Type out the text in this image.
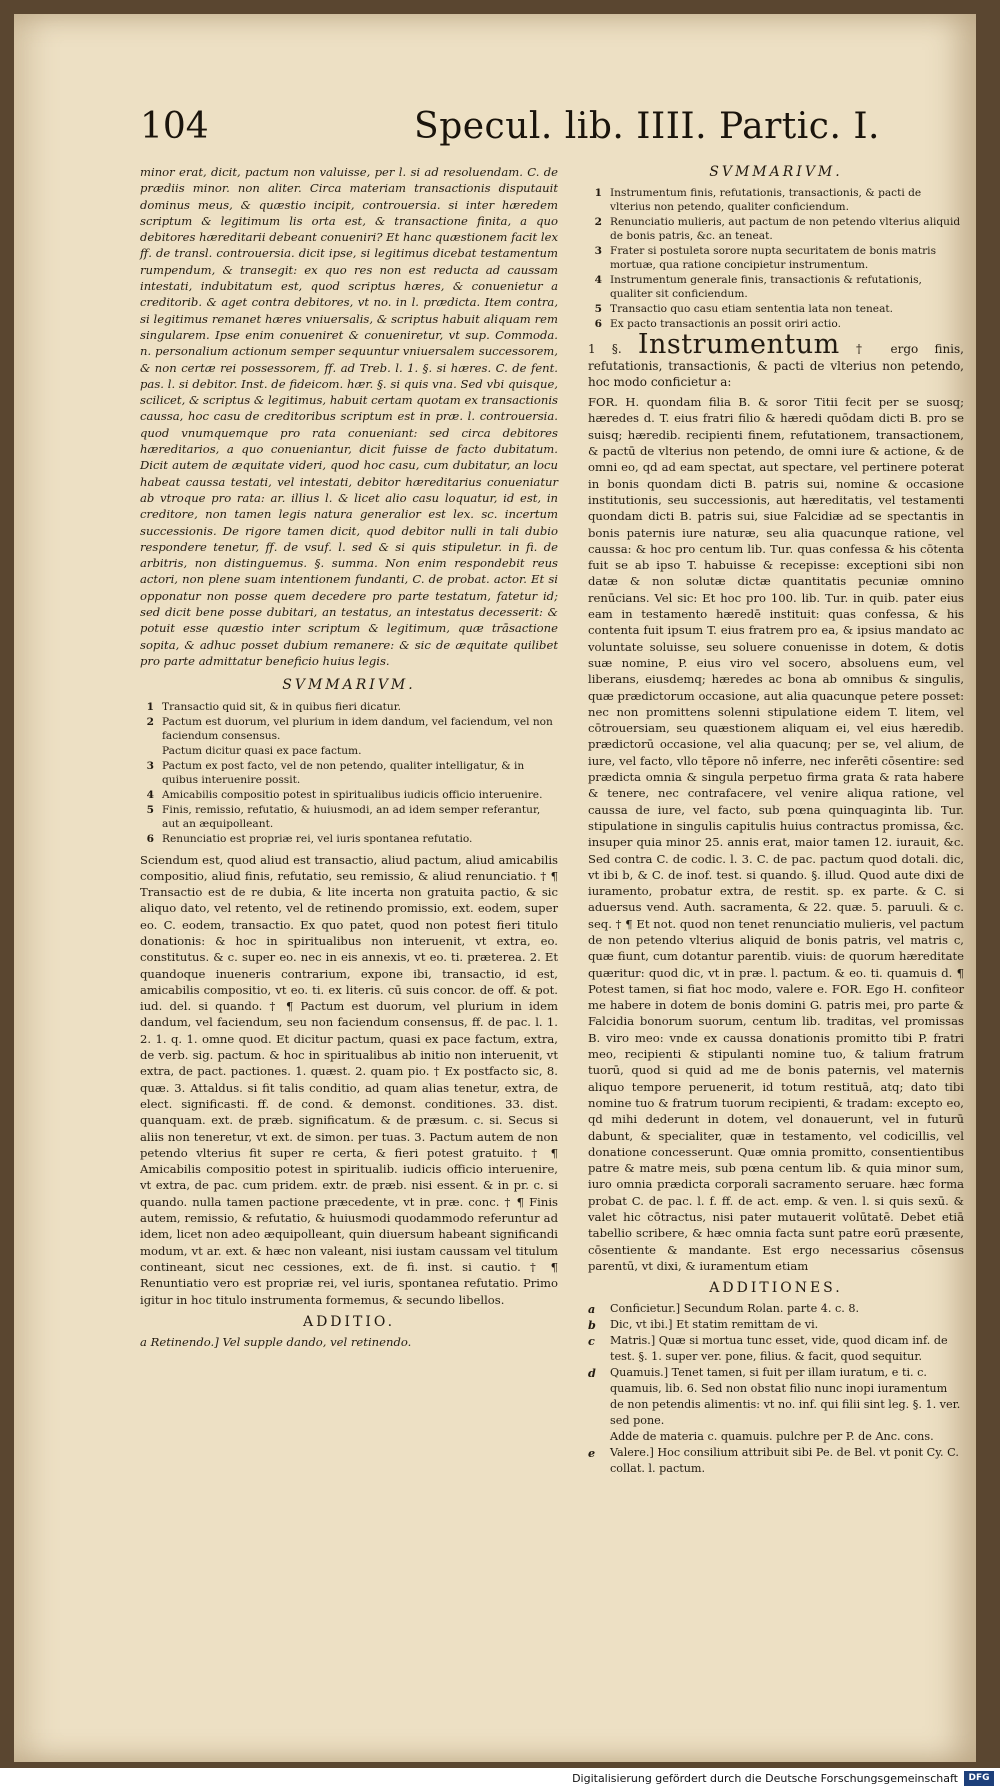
104	Specul. lib. IIII. Partic. I.

minor erat, dicit, pactum non valuisse, per l. si ad resoluendam. C. de prædiis minor. non aliter. Circa materiam transactionis disputauit dominus meus, & quæstio incipit, controuersia. si inter hæredem scriptum & legitimum lis orta est, & transactione finita, a quo debitores hæreditarii debeant conueniri? Et hanc quæstionem facit lex ff. de transl. controuersia. dicit ipse, si legitimus dicebat testamentum rumpendum, & transegit: ex quo res non est reducta ad caussam intestati, indubitatum est, quod scriptus hæres, & conuenietur a creditorib. & aget contra debitores, vt no. in l. prædicta. Item contra, si legitimus remanet hæres vniuersalis, & scriptus habuit aliquam rem singularem. Ipse enim conueniret & conueniretur, vt sup. Commoda. n. personalium actionum semper sequuntur vniuersalem successorem, & non certæ rei possessorem, ff. ad Treb. l. 1. §. si hæres. C. de fent. pas. l. si debitor. Inst. de fideicom. hær. §. si quis vna. Sed vbi quisque, scilicet, & scriptus & legitimus, habuit certam quotam ex transactionis caussa, hoc casu de creditoribus scriptum est in præ. l. controuersia. quod vnumquemque pro rata conueniant: sed circa debitores hæreditarios, a quo conueniantur, dicit fuisse de facto dubitatum. Dicit autem de æquitate videri, quod hoc casu, cum dubitatur, an locu habeat caussa testati, vel intestati, debitor hæreditarius conueniatur ab vtroque pro rata: ar. illius l. & licet alio casu loquatur, id est, in creditore, non tamen legis natura generalior est lex. sc. incertum successionis. De rigore tamen dicit, quod debitor nulli in tali dubio respondere tenetur, ff. de vsuf. l. sed & si quis stipuletur. in fi. de arbitris, non distinguemus. §. summa. Non enim respondebit reus actori, non plene suam intentionem fundanti, C. de probat. actor. Et si opponatur non posse quem decedere pro parte testatum, fatetur id; sed dicit bene posse dubitari, an testatus, an intestatus decesserit: & potuit esse quæstio inter scriptum & legitimum, quæ trāsactione sopita, & adhuc posset dubium remanere: & sic de æquitate quilibet pro parte admittatur beneficio huius legis.

SVMMARIVM.
1 Transactio quid sit, & in quibus fieri dicatur.
2 Pactum est duorum, vel plurium in idem dandum, vel faciendum, vel non faciendum consensus.
Pactum dicitur quasi ex pace factum.
3 Pactum ex post facto, vel de non petendo, qualiter intelligatur, & in quibus interuenire possit.
4 Amicabilis compositio potest in spiritualibus iudicis officio interuenire.
5 Finis, remissio, refutatio, & huiusmodi, an ad idem semper referantur, aut an æquipolleant.
6 Renunciatio est propriæ rei, vel iuris spontanea refutatio.

Sciendum est, quod aliud est transactio, aliud pactum, aliud amicabilis compositio, aliud finis, refutatio, seu remissio, & aliud renunciatio. † ¶ Transactio est de re dubia, & lite incerta non gratuita pactio, & sic aliquo dato, vel retento, vel de retinendo promissio, ext. eodem, super eo. C. eodem, transactio. Ex quo patet, quod non potest fieri titulo donationis: & hoc in spiritualibus non interuenit, vt extra, eo. constitutus. & c. super eo. nec in eis annexis, vt eo. ti. præterea. 2. Et quandoque inueneris contrarium, expone ibi, transactio, id est, amicabilis compositio, vt eo. ti. ex literis. cū suis concor. de off. & pot. iud. del. si quando. † ¶ Pactum est duorum, vel plurium in idem dandum, vel faciendum, seu non faciendum consensus, ff. de pac. l. 1. 2. 1. q. 1. omne quod. Et dicitur pactum, quasi ex pace factum, extra, de verb. sig. pactum. & hoc in spiritualibus ab initio non interuenit, vt extra, de pact. pactiones. 1. quæst. 2. quam pio. † Ex postfacto sic, 8. quæ. 3. Attaldus. si fit talis conditio, ad quam alias tenetur, extra, de elect. significasti. ff. de cond. & demonst. conditiones. 33. dist. quanquam. ext. de præb. significatum. & de præsum. c. si. Secus si aliis non teneretur, vt ext. de simon. per tuas. 3. Pactum autem de non petendo vlterius fit super re certa, & fieri potest gratuito. † ¶ Amicabilis compositio potest in spiritualib. iudicis officio interuenire, vt extra, de pac. cum pridem. extr. de præb. nisi essent. & in pr. c. si quando. nulla tamen pactione præcedente, vt in præ. conc. † ¶ Finis autem, remissio, & refutatio, & huiusmodi quodammodo referuntur ad idem, licet non adeo æquipolleant, quin diuersum habeant significandi modum, vt ar. ext. & hæc non valeant, nisi iustam caussam vel titulum contineant, sicut nec cessiones, ext. de fi. inst. si cautio. † ¶ Renuntiatio vero est propriæ rei, vel iuris, spontanea refutatio. Primo igitur in hoc titulo instrumenta formemus, & secundo libellos.

ADDITIO.

a Retinendo.] Vel supple dando, vel retinendo.

SVMMARIVM.
1 Instrumentum finis, refutationis, transactionis, & pacti de vlterius non petendo, qualiter conficiendum.
2 Renunciatio mulieris, aut pactum de non petendo vlterius aliquid de bonis patris, &c. an teneat.
3 Frater si postuleta sorore nupta securitatem de bonis matris mortuæ, qua ratione concipietur instrumentum.
4 Instrumentum generale finis, transactionis & refutationis, qualiter sit conficiendum.
5 Transactio quo casu etiam sententia lata non teneat.
6 Ex pacto transactionis an possit oriri actio.
1 §. Instrumentum † ergo finis, refutationis, transactionis, & pacti de vlterius non petendo, hoc modo conficietur a:

FOR. H. quondam filia B. & soror Titii fecit per se suosq; hæredes d. T. eius fratri filio & hæredi quōdam dicti B. pro se suisq; hæredib. recipienti finem, refutationem, transactionem, & pactū de vlterius non petendo, de omni iure & actione, & de omni eo, qd ad eam spectat, aut spectare, vel pertinere poterat in bonis quondam dicti B. patris sui, nomine & occasione institutionis, seu successionis, aut hæreditatis, vel testamenti quondam dicti B. patris sui, siue Falcidiæ ad se spectantis in bonis paternis iure naturæ, seu alia quacunque ratione, vel caussa: & hoc pro centum lib. Tur. quas confessa & his cōtenta fuit se ab ipso T. habuisse & recepisse: exceptioni sibi non datæ & non solutæ dictæ quantitatis pecuniæ omnino renūcians. Vel sic: Et hoc pro 100. lib. Tur. in quib. pater eius eam in testamento hæredē instituit: quas confessa, & his contenta fuit ipsum T. eius fratrem pro ea, & ipsius mandato ac voluntate soluisse, seu soluere conuenisse in dotem, & dotis suæ nomine, P. eius viro vel socero, absoluens eum, vel liberans, eiusdemq; hæredes ac bona ab omnibus & singulis, quæ prædictorum occasione, aut alia quacunque petere posset: nec non promittens solenni stipulatione eidem T. litem, vel cōtrouersiam, seu quæstionem aliquam ei, vel eius hæredib. prædictorū occasione, vel alia quacunq; per se, vel alium, de iure, vel facto, vllo tēpore nō inferre, nec inferēti cōsentire: sed prædicta omnia & singula perpetuo firma grata & rata habere & tenere, nec contrafacere, vel venire aliqua ratione, vel caussa de iure, vel facto, sub pœna quinquaginta lib. Tur. stipulatione in singulis capitulis huius contractus promissa, &c. insuper quia minor 25. annis erat, maior tamen 12. iurauit, &c. Sed contra C. de codic. l. 3. C. de pac. pactum quod dotali. dic, vt ibi b, & C. de inof. test. si quando. §. illud. Quod aute dixi de iuramento, probatur extra, de restit. sp. ex parte. & C. si aduersus vend. Auth. sacramenta, & 22. quæ. 5. paruuli. & c. seq. † ¶ Et not. quod non tenet renunciatio mulieris, vel pactum de non petendo vlterius aliquid de bonis patris, vel matris c, quæ fiunt, cum dotantur parentib. viuis: de quorum hæreditate quæritur: quod dic, vt in præ. l. pactum. & eo. ti. quamuis d. ¶ Potest tamen, si fiat hoc modo, valere e. FOR. Ego H. confiteor me habere in dotem de bonis domini G. patris mei, pro parte & Falcidia bonorum suorum, centum lib. traditas, vel promissas B. viro meo: vnde ex caussa donationis promitto tibi P. fratri meo, recipienti & stipulanti nomine tuo, & talium fratrum tuorū, quod si quid ad me de bonis paternis, vel maternis aliquo tempore peruenerit, id totum restituā, atq; dato tibi nomine tuo & fratrum tuorum recipienti, & tradam: excepto eo, qd mihi dederunt in dotem, vel donauerunt, vel in futurū dabunt, & specialiter, quæ in testamento, vel codicillis, vel donatione concesserunt. Quæ omnia promitto, consentientibus patre & matre meis, sub pœna centum lib. & quia minor sum, iuro omnia prædicta corporali sacramento seruare. hæc forma probat C. de pac. l. f. ff. de act. emp. & ven. l. si quis sexū. & valet hic cōtractus, nisi pater mutauerit volūtatē. Debet etiā tabellio scribere, & hæc omnia facta sunt patre eorū præsente, cōsentiente & mandante. Est ergo necessarius cōsensus parentū, vt dixi, & iuramentum etiam

ADDITIONES.
a	Conficietur.] Secundum Rolan. parte 4. c. 8.
b	Dic, vt ibi.] Et statim remittam de vi.
c	Matris.] Quæ si mortua tunc esset, vide, quod dicam inf. de test. §. 1. super ver. pone, filius. & facit, quod sequitur.
d	Quamuis.] Tenet tamen, si fuit per illam iuratum, e ti. c. quamuis, lib. 6. Sed non obstat filio nunc inopi iuramentum de non petendis alimentis: vt no. inf. qui filii sint leg. §. 1. ver. sed pone.
Adde de materia c. quamuis. pulchre per P. de Anc. cons.
e	Valere.] Hoc consilium attribuit sibi Pe. de Bel. vt ponit Cy. C. collat. l. pactum.
Digitalisierung gefördert durch die Deutsche Forschungsgemeinschaft	DFG
